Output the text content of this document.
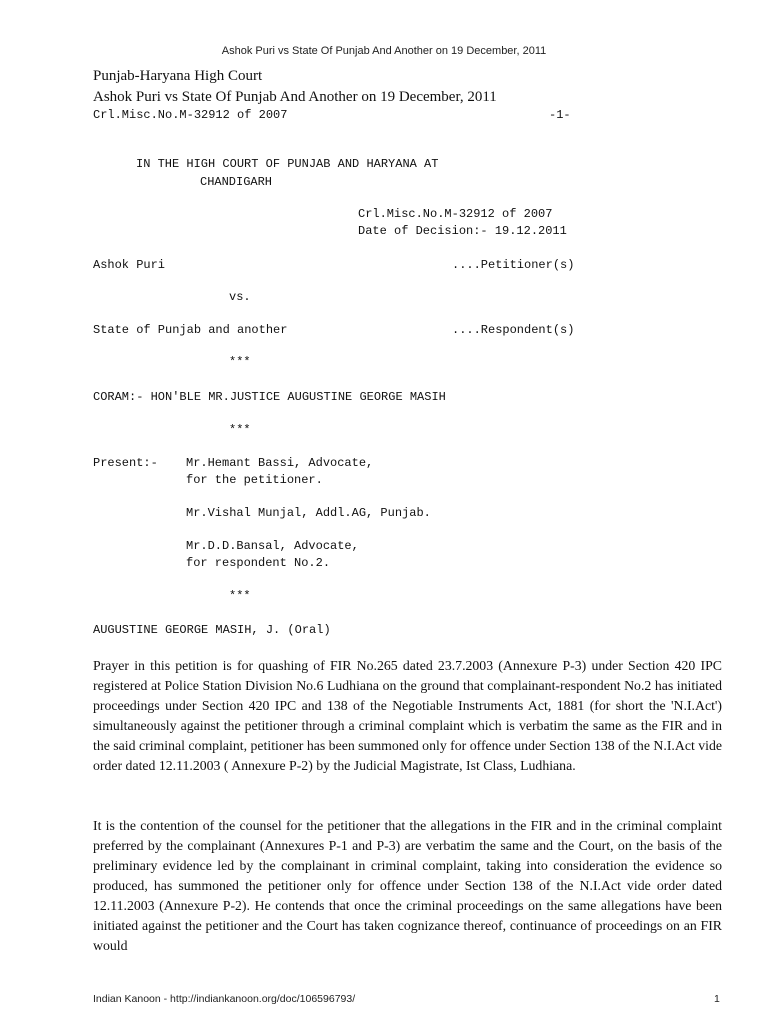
Ashok Puri vs State Of Punjab And Another on 19 December, 2011
Punjab-Haryana High Court
Ashok Puri vs State Of Punjab And Another on 19 December, 2011
Crl.Misc.No.M-32912 of 2007	-1-
IN THE HIGH COURT OF PUNJAB AND HARYANA AT
CHANDIGARH
Crl.Misc.No.M-32912 of 2007
Date of Decision:- 19.12.2011
Ashok Puri	....Petitioner(s)
vs.
State of Punjab and another	....Respondent(s)
***
CORAM:- HON'BLE MR.JUSTICE AUGUSTINE GEORGE MASIH
***
Present:- Mr.Hemant Bassi, Advocate,
for the petitioner.
Mr.Vishal Munjal, Addl.AG, Punjab.
Mr.D.D.Bansal, Advocate,
for respondent No.2.
***
AUGUSTINE GEORGE MASIH, J. (Oral)
Prayer in this petition is for quashing of FIR No.265 dated 23.7.2003 (Annexure P-3) under Section 420 IPC registered at Police Station Division No.6 Ludhiana on the ground that complainant-respondent No.2 has initiated proceedings under Section 420 IPC and 138 of the Negotiable Instruments Act, 1881 (for short the 'N.I.Act') simultaneously against the petitioner through a criminal complaint which is verbatim the same as the FIR and in the said criminal complaint, petitioner has been summoned only for offence under Section 138 of the N.I.Act vide order dated 12.11.2003 ( Annexure P-2) by the Judicial Magistrate, Ist Class, Ludhiana.
It is the contention of the counsel for the petitioner that the allegations in the FIR and in the criminal complaint preferred by the complainant (Annexures P-1 and P-3) are verbatim the same and the Court, on the basis of the preliminary evidence led by the complainant in criminal complaint, taking into consideration the evidence so produced, has summoned the petitioner only for offence under Section 138 of the N.I.Act vide order dated 12.11.2003 (Annexure P-2). He contends that once the criminal proceedings on the same allegations have been initiated against the petitioner and the Court has taken cognizance thereof, continuance of proceedings on an FIR would
Indian Kanoon - http://indiankanoon.org/doc/106596793/	1
